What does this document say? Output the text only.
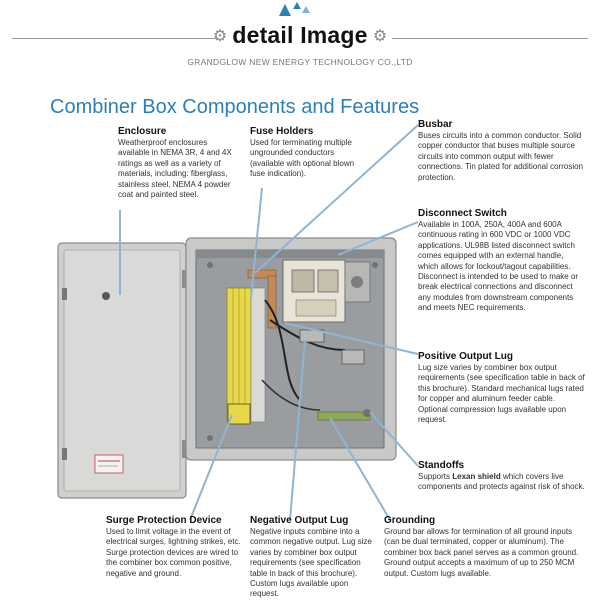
⚙ detail Image ⚙
GRANDGLOW NEW ENERGY TECHNOLOGY CO.,LTD
Combiner Box Components and Features
Enclosure

Weatherproof enclosures available in NEMA 3R, 4 and 4X ratings as well as a variety of materials, including: fiberglass, stainless steel, NEMA 4 powder coat and painted steel.

Fuse Holders

Used for terminating multiple ungrounded conductors (available with optional blown fuse indication).

Busbar

Buses circuits into a common conductor. Solid copper conductor that buses multiple source circuits into common output with fewer connections. Tin plated for additional corrosion protection.

Disconnect Switch

Available in 100A, 250A, 400A and 600A continuous rating in 600 VDC or 1000 VDC applications. UL98B listed disconnect switch comes equipped with an external handle, which allows for lockout/tagout capabilities. Disconnect is intended to be used to make or break electrical connections and disconnect any modules from downstream components and meets NEC requirements.

Positive Output Lug

Lug size varies by combiner box output requirements (see specification table in back of this brochure). Standard mechanical lugs rated for copper and aluminum feeder cable. Optional compression lugs available upon request.

Standoffs

Supports Lexan shield which covers live components and protects against risk of shock.

Surge Protection Device

Used to limit voltage in the event of electrical surges, lightning strikes, etc. Surge protection devices are wired to the combiner box common positive, negative and ground.

Negative Output Lug

Negative inputs combine into a common negative output. Lug size varies by combiner box output requirements (see specification table in back of this brochure). Custom lugs available upon request.

Grounding

Ground bar allows for termination of all ground inputs (can be dual terminated, copper or aluminum). The combiner box back panel serves as a common ground. Ground output accepts a maximum of up to 250 MCM output. Custom lugs available.
